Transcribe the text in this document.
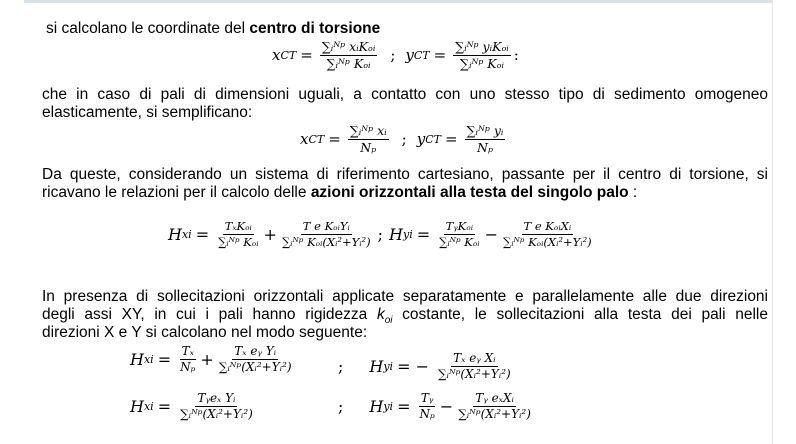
si calcolano le coordinate del centro di torsione
x CT = $\frac{\text{∑ᵢᴺᵖ xᵢKₒᵢ}}{\text{∑ᵢᴺᵖ Kₒᵢ}}$ ; y CT = $\frac{\text{∑ᵢᴺᵖ yᵢKₒᵢ}}{\text{∑ᵢᴺᵖ Kₒᵢ}}$ :
che in caso di pali di dimensioni uguali, a contatto con uno stesso tipo di sedimento omogeneo
elasticamente, si semplificano:
x CT = $\frac{\text{∑ᵢᴺᵖ xᵢ}}{\text{Nₚ}}$ ; y CT = $\frac{\text{∑ᵢᴺᵖ yᵢ}}{\text{Nₚ}}$
Da queste, considerando un sistema di riferimento cartesiano, passante per il centro di torsione, si
ricavano le relazioni per il calcolo delle azioni orizzontali alla testa del singolo palo :
H xi = $\frac{\text{TₓKₒᵢ}}{\text{∑ᵢᴺᵖ Kₒᵢ}} + \frac{\text{T e KₒᵢYᵢ}}{\text{∑ᵢᴺᵖ Kₒᵢ(Xᵢ²+Yᵢ²)}}$ ; H yi = $\frac{\text{TᵧKₒᵢ}}{\text{∑ᵢᴺᵖ Kₒᵢ}} - \frac{\text{T e KₒᵢXᵢ}}{\text{∑ᵢᴺᵖ Kₒᵢ(Xᵢ²+Yᵢ²)}}$
In presenza di sollecitazioni orizzontali applicate separatamente e parallelamente alle due direzioni
degli assi XY, in cui i pali hanno rigidezza $k_{oi}$ costante, le sollecitazioni alla testa dei pali nelle
direzioni X e Y si calcolano nel modo seguente:
H xi = $\frac{\text{Tₓ}}{\text{Nₚ}} + \frac{\text{Tₓ eᵧ Yᵢ}}{\text{∑ᵢᴺᵖ(Xᵢ²+Yᵢ²)}}$	; H yi = − $\frac{\text{Tₓ eᵧ Xᵢ}}{\text{∑ᵢᴺᵖ(Xᵢ²+Yᵢ²)}}$
H xi = $\frac{\text{Tᵧeₓ Yᵢ}}{\text{∑ᵢᴺᵖ(Xᵢ²+Yᵢ²)}}$	; H yi = $\frac{\text{Tᵧ}}{\text{Nₚ}} - \frac{\text{Tᵧ eₓXᵢ}}{\text{∑ᵢᴺᵖ(Xᵢ²+Yᵢ²)}}$
